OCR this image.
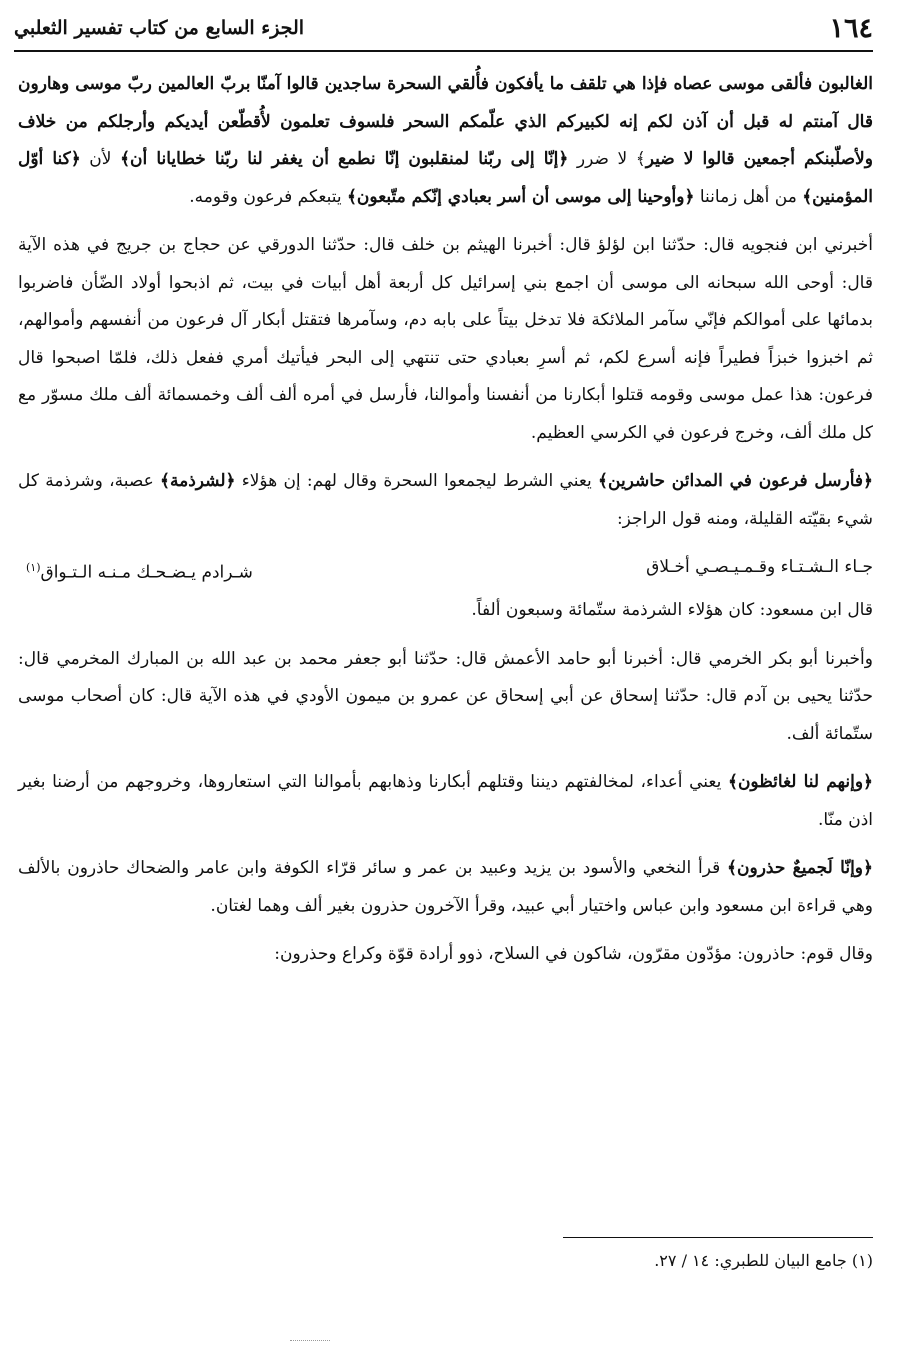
١٦٤
الجزء السابع من كتاب تفسير الثعلبي

الغالبون فألقى موسى عصاه فإذا هي تلقف ما يأفكون فأُلقي السحرة ساجدين قالوا آمنّا بربّ العالمين ربّ موسى وهارون قال آمنتم له قبل أن آذن لكم إنه لكبيركم الذي علّمكم السحر فلسوف تعلمون لأُقطّعن أيديكم وأرجلكم من خلاف ولأصلّبنكم أجمعين قالوا لا ضير﴾ لا ضرر ﴿إنّا إلى ربّنا لمنقلبون إنّا نطمع أن يغفر لنا ربّنا خطايانا أن﴾ لأن ﴿كنا أوّل المؤمنين﴾ من أهل زماننا ﴿وأوحينا إلى موسى أن أسر بعبادي إنّكم متّبعون﴾ يتبعكم فرعون وقومه.

أخبرني ابن فنجويه قال: حدّثنا ابن لؤلؤ قال: أخبرنا الهيثم بن خلف قال: حدّثنا الدورقي عن حجاج بن جريج في هذه الآية قال: أوحى الله سبحانه الى موسى أن اجمع بني إسرائيل كل أربعة أهل أبيات في بيت، ثم اذبحوا أولاد الضّأن فاضربوا بدمائها على أموالكم فإنّي سآمر الملائكة فلا تدخل بيتاً على بابه دم، وسآمرها فتقتل أبكار آل فرعون من أنفسهم وأموالهم، ثم اخبزوا خبزاً فطيراً فإنه أسرع لكم، ثم أسرِ بعبادي حتى تنتهي إلى البحر فيأتيك أمري ففعل ذلك، فلمّا اصبحوا قال فرعون: هذا عمل موسى وقومه قتلوا أبكارنا من أنفسنا وأموالنا، فأرسل في أمره ألف ألف وخمسمائة ألف ملك مسوّر مع كل ملك ألف، وخرج فرعون في الكرسي العظيم.

﴿فأرسل فرعون في المدائن حاشرين﴾ يعني الشرط ليجمعوا السحرة وقال لهم: إن هؤلاء ﴿لشرذمة﴾ عصبة، وشرذمة كل شيء بقيّته القليلة، ومنه قول الراجز:

جـاء الـشـتـاء وقـمـيـصـي أخـلاق
شـرادم يـضـحـك مـنـه الـتـواق$^{(١)}$

قال ابن مسعود: كان هؤلاء الشرذمة ستّمائة وسبعون ألفاً.

وأخبرنا أبو بكر الخرمي قال: أخبرنا أبو حامد الأعمش قال: حدّثنا أبو جعفر محمد بن عبد الله بن المبارك المخرمي قال: حدّثنا يحيى بن آدم قال: حدّثنا إسحاق عن أبي إسحاق عن عمرو بن ميمون الأودي في هذه الآية قال: كان أصحاب موسى ستّمائة ألف.

﴿وإنهم لنا لغائظون﴾ يعني أعداء، لمخالفتهم ديننا وقتلهم أبكارنا وذهابهم بأموالنا التي استعاروها، وخروجهم من أرضنا بغير اذن منّا.

﴿وإنّا لَجميعٌ حذرون﴾ قرأ النخعي والأسود بن يزيد وعبيد بن عمر و سائر قرّاء الكوفة وابن عامر والضحاك حاذرون بالألف وهي قراءة ابن مسعود وابن عباس واختيار أبي عبيد، وقرأ الآخرون حذرون بغير ألف وهما لغتان.

وقال قوم: حاذرون: مؤدّون مقرّون، شاكون في السلاح، ذوو أرادة قوّة وكراع وحذرون:

(١) جامع البيان للطبري: ١٤ / ٢٧.
